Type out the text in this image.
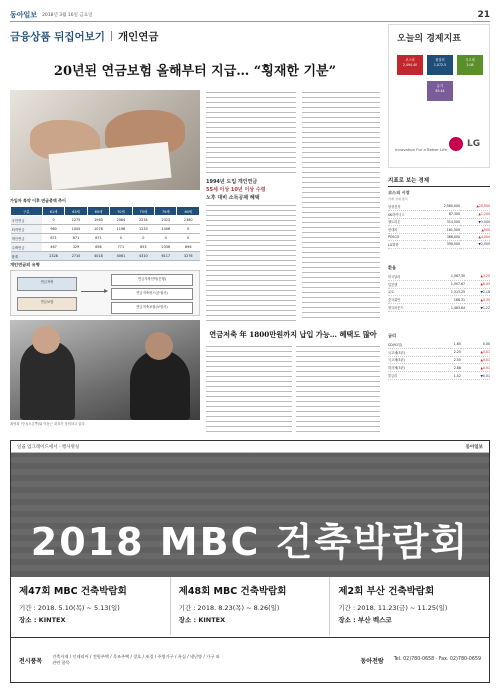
동아일보 2018년 3월 16일 금요일	21
금융상품 뒤집어보기 개인연금
20년된 연금보험 올해부터 지급… “횡재한 기분”
1994년 도입 개인연금
55세 이상 10년 이상 수령
노후 대비 소득공제 혜택
가입자 특약 이후 연금총액 추이
구분	61세	63세	65세	70세	75세	79세	80세
국민연금	0	1275	1963	2084	2234	2323	2380
퇴직연금	960	1005	1076	1196	1233	1406	0
개인연금	871	871	871	0	0	0	0
주택연금	467	329	656	771	853	2336	896
합계	2328	2710	4018	4061	4310	6117	3276
개인연금의 유형
연금저축
연금보험
연금저축신탁(은행)
연금저축펀드(증권사)
연금저축보험(보험사)
최영희 이사(오른쪽)와 이동근 대표가 상담하고 있다.
연금저축 年 1800만원까지 납입 가능… 혜택도 많아
오늘의 경제지표
코스피
2,494.40
원달러
1,072.5
국고채
2.08
유가
65.44
Innovation For a Better Life
LG
지표로 보는 경제
코스피 시장
거래 상위 종목
삼성전자	2,560,000	▲20,000
SK하이닉스	87,300	▲1,200
셀트리온	314,500	▼3,500
현대차	161,500	▲500
POSCO	366,000	▲4,000
LG화학	390,500	▼2,000
환율
미국달러	1,067.30	▲3.20
일본엔	1,007.67	▲6.43
유로	1,313.25	▼2.18
중국위안	168.31	▲0.35
영국파운드	1,483.64	▼1.22
금리
CD(91일)	1.65	0.00
국고채(3년)	2.25	▲0.01
국고채(5년)	2.50	▲0.01
회사채(3년)	2.88	▲0.01
콜금리	1.52	▼0.01
일곱 업그레이드에서 · 행사명칭	동아일보
2018 MBC 건축박람회
제47회 MBC 건축박람회
기간 : 2018. 5.10(목) ~ 5.13(일)
장소 : KINTEX
제48회 MBC 건축박람회
기간 : 2018. 8.23(목) ~ 8.26(일)
장소 : KINTEX
제2회 부산 건축박람회
기간 : 2018. 11.23(금) ~ 11.25(일)
장소 : 부산 벡스코
전시품목
건축자재 / 인테리어 / 전원주택 / 목조주택 / 창호 / 조경 / 주방가구 / 욕실 / 냉난방 / 가구 외 관련 품목	동아전람 Tel. 02)780-0658 · Fax. 02)780-0659
